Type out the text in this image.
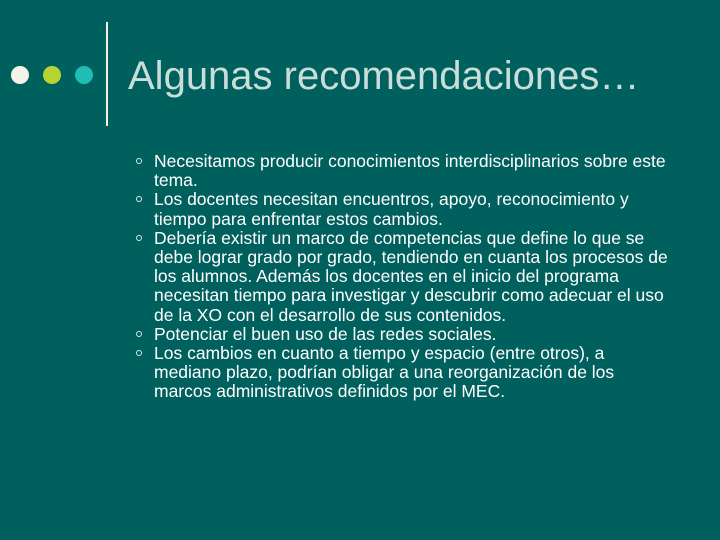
Algunas recomendaciones…
Necesitamos producir conocimientos interdisciplinarios sobre este tema.
Los docentes necesitan encuentros, apoyo, reconocimiento y tiempo para enfrentar estos cambios.
Debería existir un marco de competencias que define lo que se debe lograr grado por grado, tendiendo en cuanta los procesos de los alumnos. Además los docentes en el inicio del programa necesitan tiempo para investigar y descubrir como adecuar el uso de la XO con el desarrollo de sus contenidos.
Potenciar el buen uso de las redes sociales.
Los cambios en cuanto a tiempo y espacio (entre otros), a mediano plazo, podrían obligar a una reorganización de los marcos administrativos definidos por el MEC.
